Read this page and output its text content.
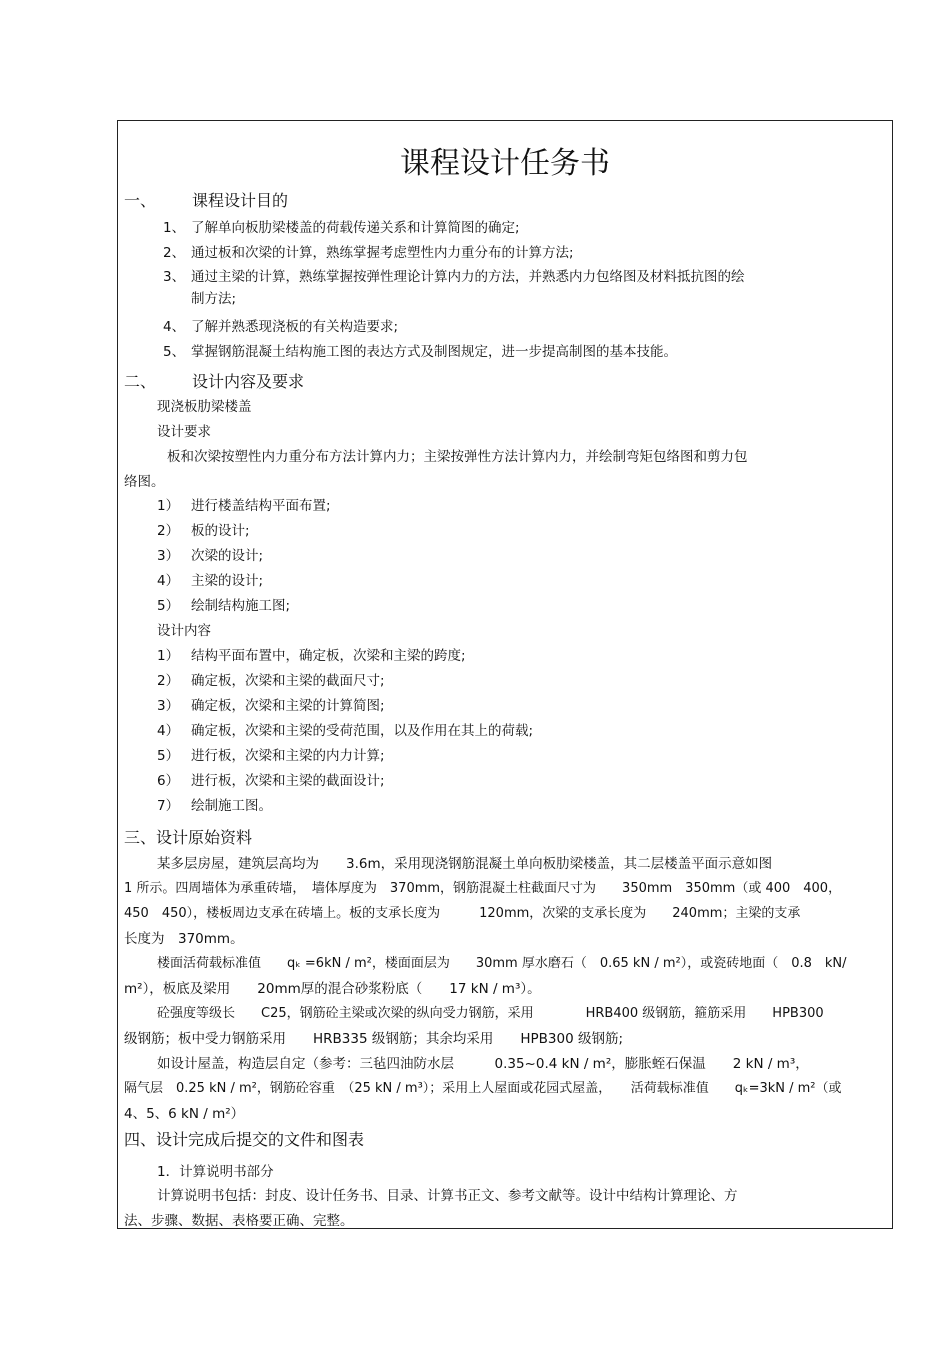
课程设计任务书
一、 课程设计目的
1、 了解单向板肋梁楼盖的荷载传递关系和计算简图的确定;
2、 通过板和次梁的计算，熟练掌握考虑塑性内力重分布的计算方法;
3、 通过主梁的计算，熟练掌握按弹性理论计算内力的方法，并熟悉内力包络图及材料抵抗图的绘
制方法;
4、 了解并熟悉现浇板的有关构造要求;
5、 掌握钢筋混凝土结构施工图的表达方式及制图规定，进一步提高制图的基本技能。
二、 设计内容及要求
现浇板肋梁楼盖
设计要求
板和次梁按塑性内力重分布方法计算内力；主梁按弹性方法计算内力，并绘制弯矩包络图和剪力包
络图。
1） 进行楼盖结构平面布置;
2） 板的设计;
3） 次梁的设计;
4） 主梁的设计;
5） 绘制结构施工图;
设计内容
1） 结构平面布置中，确定板，次梁和主梁的跨度;
2） 确定板，次梁和主梁的截面尺寸;
3） 确定板，次梁和主梁的计算简图;
4） 确定板，次梁和主梁的受荷范围，以及作用在其上的荷载;
5） 进行板，次梁和主梁的内力计算;
6） 进行板，次梁和主梁的截面设计;
7） 绘制施工图。
三、设计原始资料
某多层房屋，建筑层高均为　　3.6m，采用现浇钢筋混凝土单向板肋梁楼盖，其二层楼盖平面示意如图
1 所示。四周墙体为承重砖墙，　墙体厚度为　370mm，钢筋混凝土柱截面尺寸为　　350mm　350mm（或 400　400，
450　450），楼板周边支承在砖墙上。板的支承长度为　　　120mm，次梁的支承长度为　　240mm；主梁的支承
长度为　370mm。
楼面活荷载标准值　　qₖ =6kN / m²，楼面面层为　　30mm 厚水磨石（　0.65 kN / m²），或瓷砖地面（　0.8　kN/
m²），板底及梁用　　20mm厚的混合砂浆粉底（　　17 kN / m³）。
砼强度等级长　　C25，钢筋砼主梁或次梁的纵向受力钢筋，采用　　　　HRB400 级钢筋，箍筋采用　　HPB300
级钢筋；板中受力钢筋采用　　HRB335 级钢筋；其余均采用　　HPB300 级钢筋;
如设计屋盖，构造层自定（参考：三毡四油防水层　　　0.35~0.4 kN / m²，膨胀蛭石保温　　2 kN / m³，
隔气层　0.25 kN / m²，钢筋砼容重　（25 kN / m³）；采用上人屋面或花园式屋盖，　　活荷载标准值　　qₖ=3kN / m²（或
4、5、6 kN / m²）
四、设计完成后提交的文件和图表
1．计算说明书部分
计算说明书包括：封皮、设计任务书、目录、计算书正文、参考文献等。设计中结构计算理论、方
法、步骤、数据、表格要正确、完整。
